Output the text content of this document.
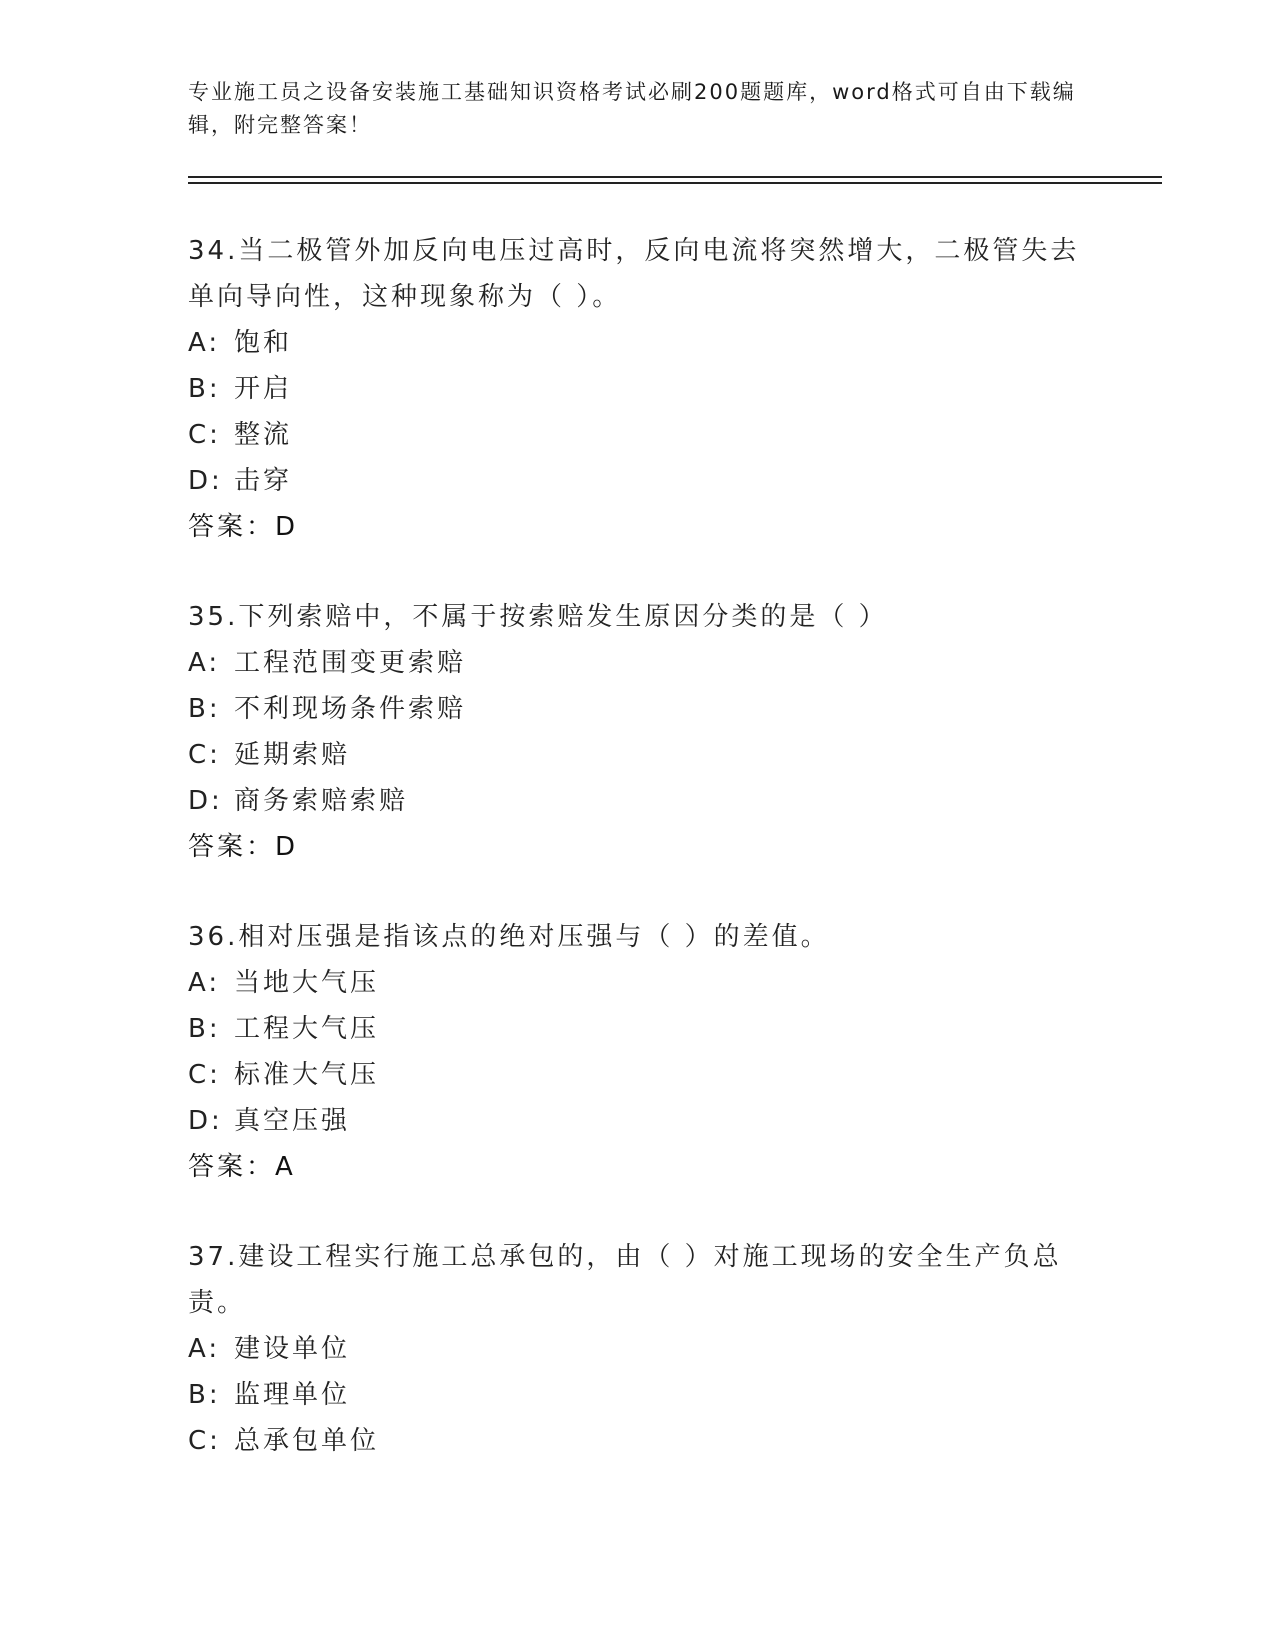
专业施工员之设备安装施工基础知识资格考试必刷200题题库，word格式可自由下载编辑，附完整答案！

34.当二极管外加反向电压过高时，反向电流将突然增大，二极管失去单向导向性，这种现象称为（ ）。

A: 饱和

B: 开启

C: 整流

D: 击穿

答案：D

35.下列索赔中，不属于按索赔发生原因分类的是（ ）

A: 工程范围变更索赔

B: 不利现场条件索赔

C: 延期索赔

D: 商务索赔索赔

答案：D

36.相对压强是指该点的绝对压强与（ ）的差值。

A: 当地大气压

B: 工程大气压

C: 标准大气压

D: 真空压强

答案：A

37.建设工程实行施工总承包的，由（ ）对施工现场的安全生产负总责。

A: 建设单位

B: 监理单位

C: 总承包单位
